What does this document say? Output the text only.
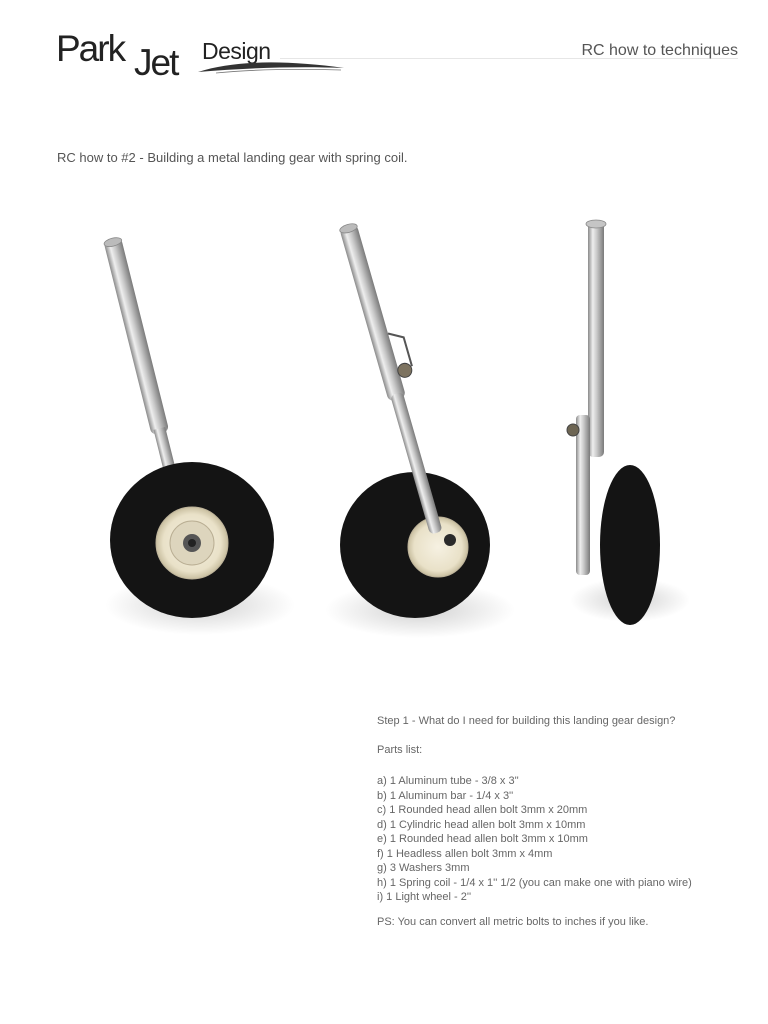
Park Jet Design	RC how to techniques
RC how to #2 - Building a metal landing gear with spring coil.

Step 1 - What do I need for building this landing gear design?

Parts list:

a) 1 Aluminum tube - 3/8 x 3''

b) 1 Aluminum bar - 1/4 x 3''

c) 1 Rounded head allen bolt 3mm x 20mm

d) 1 Cylindric head allen bolt 3mm x 10mm

e) 1 Rounded head allen bolt 3mm x 10mm

f) 1 Headless allen bolt 3mm x 4mm

g) 3 Washers 3mm

h) 1 Spring coil - 1/4 x 1'' 1/2 (you can make one with piano wire)

i) 1 Light wheel - 2''

PS: You can convert all metric bolts to inches if you like.
